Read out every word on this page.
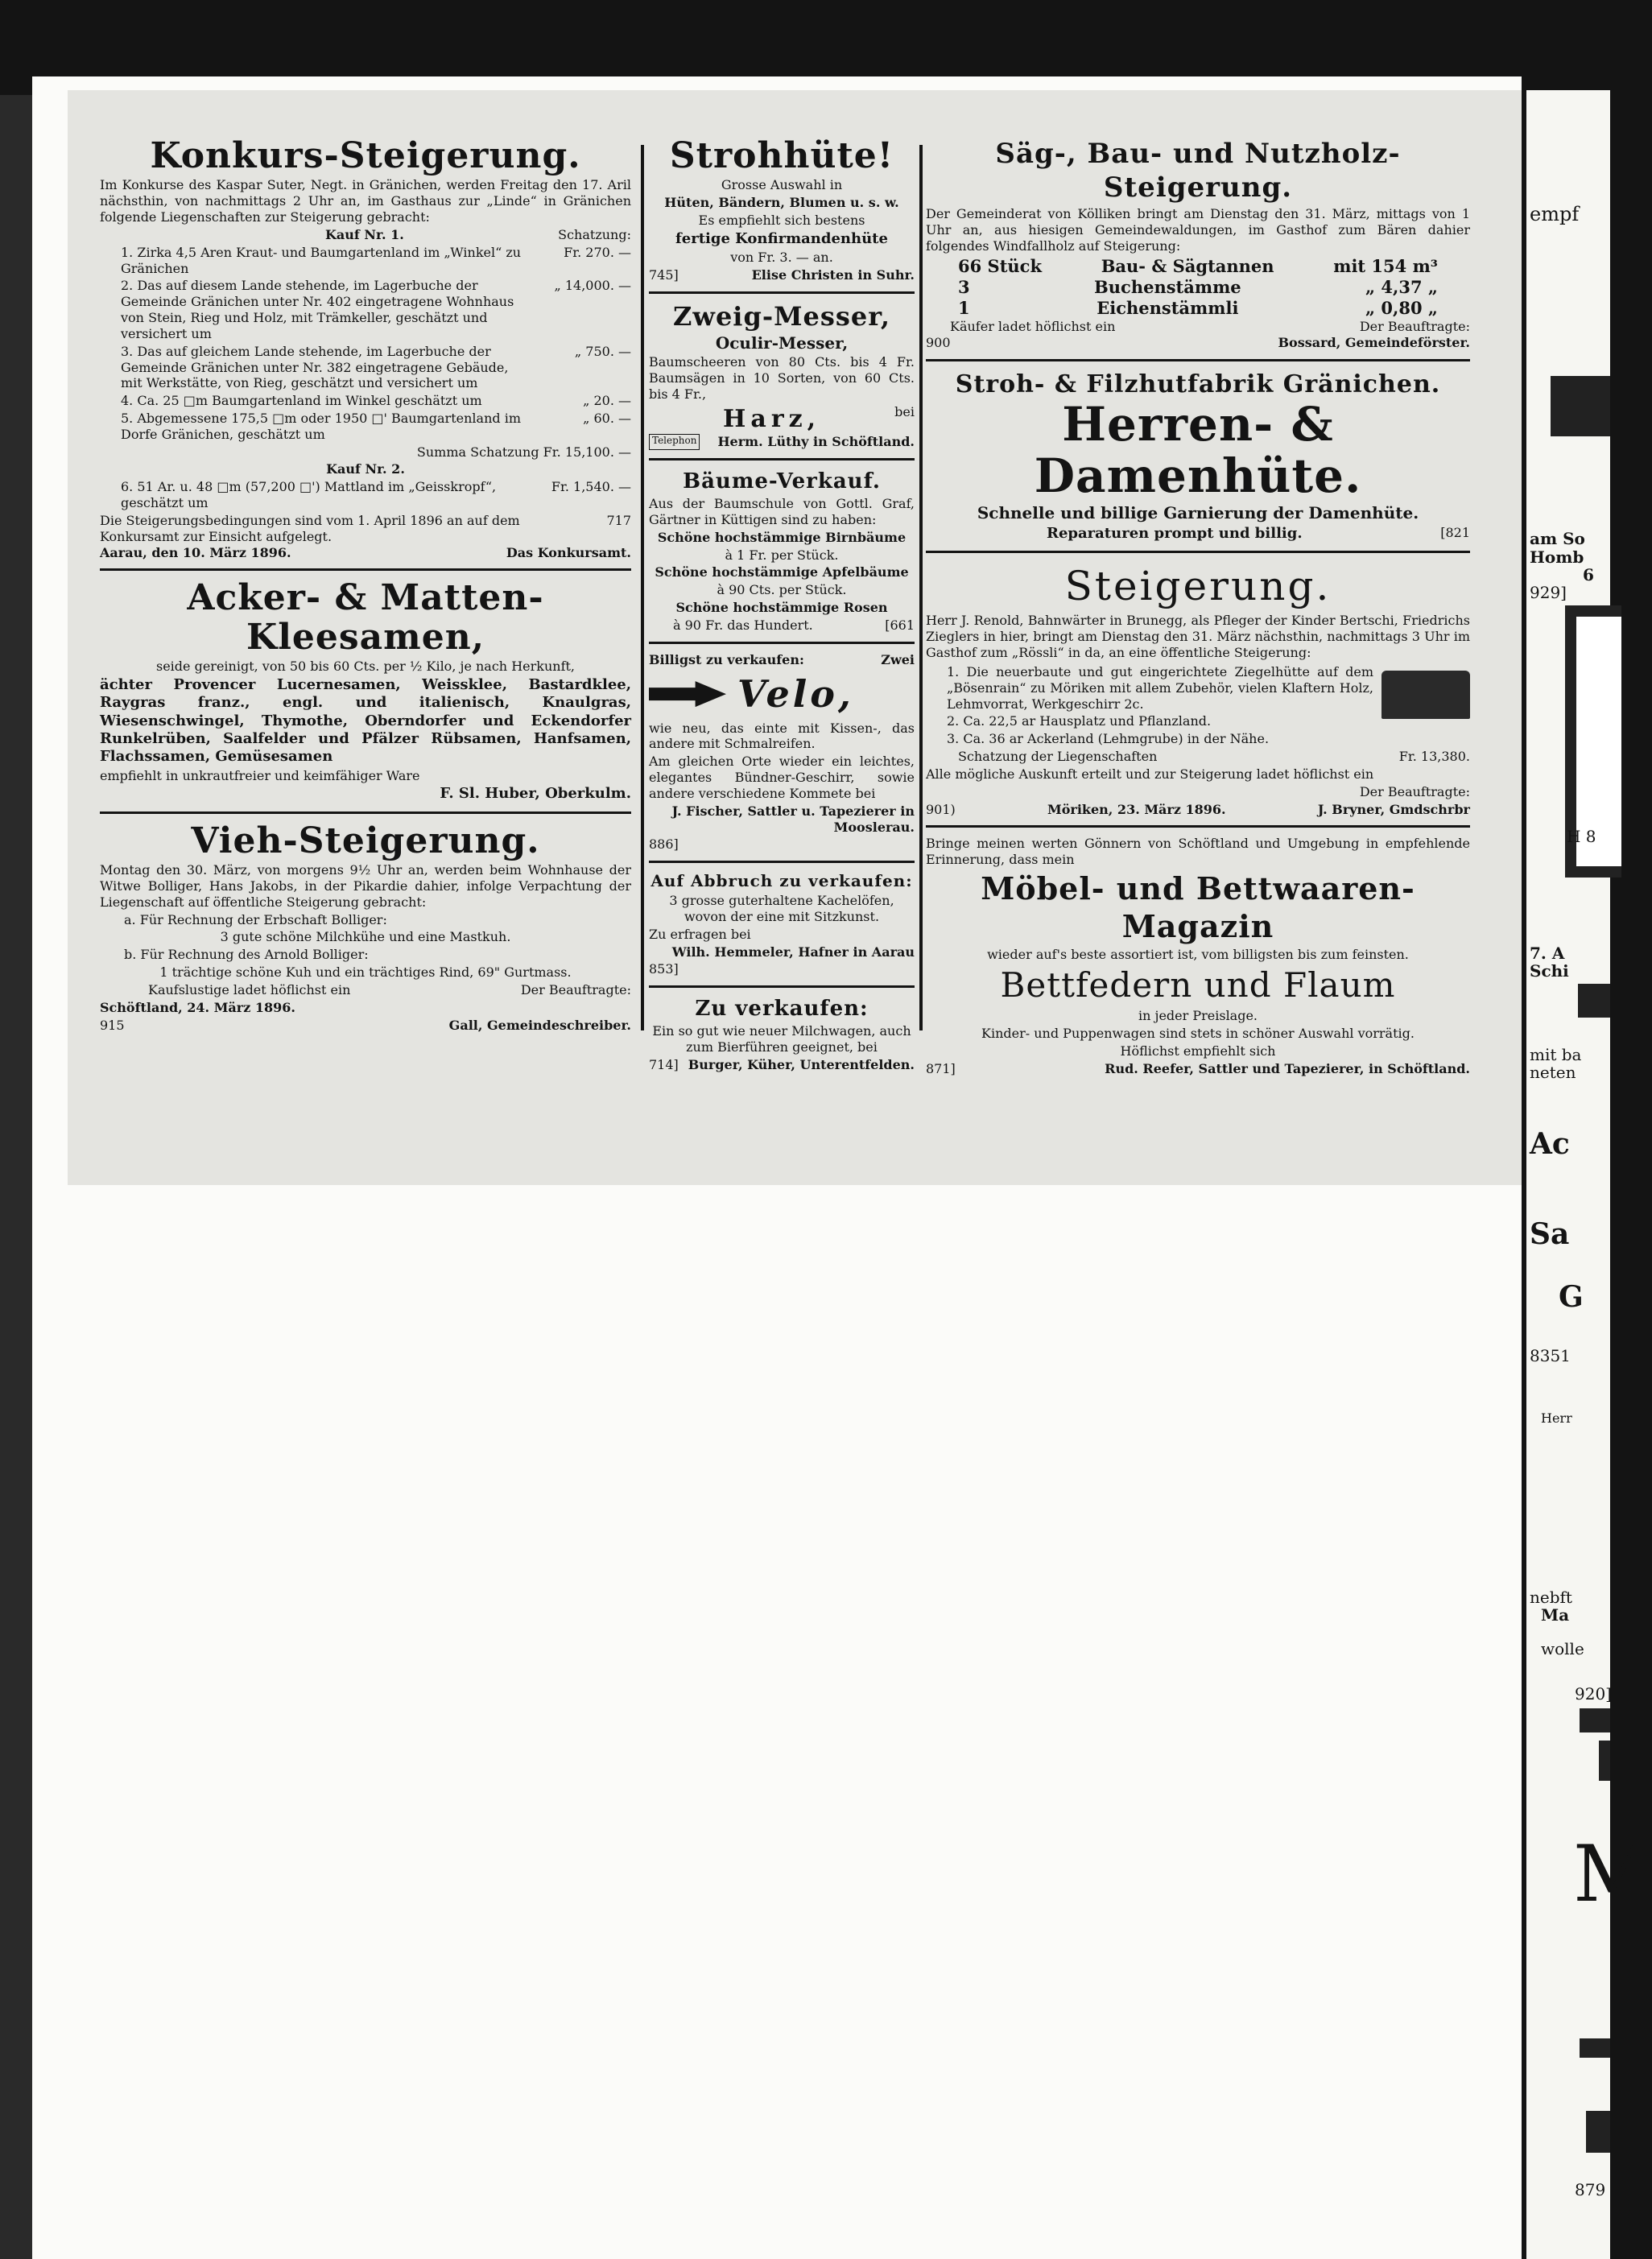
Konkurs-Steigerung.

Im Konkurse des Kaspar Suter, Negt. in Gränichen, werden Freitag den 17. Aril nächsthin, von nachmittags 2 Uhr an, im Gasthaus zur „Linde“ in Gränichen folgende Liegenschaften zur Steigerung gebracht:

Kauf Nr. 1.	Schatzung:
1. Zirka 4,5 Aren Kraut- und Baumgartenland im „Winkel“ zu Gränichen
Fr. 270. —
2. Das auf diesem Lande stehende, im Lagerbuche der Gemeinde Gränichen unter Nr. 402 eingetragene Wohnhaus von Stein, Rieg und Holz, mit Trämkeller, geschätzt und versichert um
„ 14,000. —
3. Das auf gleichem Lande stehende, im Lagerbuche der Gemeinde Gränichen unter Nr. 382 eingetragene Gebäude, mit Werkstätte, von Rieg, geschätzt und versichert um
„ 750. —
4. Ca. 25 □m Baumgartenland im Winkel geschätzt um	„ 20. —
5. Abgemessene 175,5 □m oder 1950 □' Baumgartenland im Dorfe Gränichen, geschätzt um
„ 60. —

Summa Schatzung Fr. 15,100. —

Kauf Nr. 2.

6. 51 Ar. u. 48 □m (57,200 □') Mattland im „Geisskropf“, geschätzt um
Fr. 1,540. —
Die Steigerungsbedingungen sind vom 1. April 1896 an auf dem Konkursamt zur Einsicht aufgelegt.
717
Aarau, den 10. März 1896.	Das Konkursamt.
Acker- & Matten-Kleesamen,

seide gereinigt, von 50 bis 60 Cts. per ½ Kilo, je nach Herkunft,

ächter Provencer Lucernesamen, Weissklee, Bastardklee, Raygras franz., engl. und italienisch, Knaulgras, Wiesenschwingel, Thymothe, Oberndorfer und Eckendorfer Runkelrüben, Saalfelder und Pfälzer Rübsamen, Hanfsamen, Flachssamen, Gemüsesamen

empfiehlt in unkrautfreier und keimfähiger Ware

F. Sl. Huber, Oberkulm.

Vieh-Steigerung.

Montag den 30. März, von morgens 9½ Uhr an, werden beim Wohnhause der Witwe Bolliger, Hans Jakobs, in der Pikardie dahier, infolge Verpachtung der Liegenschaft auf öffentliche Steigerung gebracht:

a. Für Rechnung der Erbschaft Bolliger:

3 gute schöne Milchkühe und eine Mastkuh.

b. Für Rechnung des Arnold Bolliger:

1 trächtige schöne Kuh und ein trächtiges Rind, 69" Gurtmass.

Kaufslustige ladet höflichst ein	Der Beauftragte:

Schöftland, 24. März 1896.

915	Gall, Gemeindeschreiber.
Strohhüte!

Grosse Auswahl in

Hüten, Bändern, Blumen u. s. w.

Es empfiehlt sich bestens

fertige Konfirmandenhüte

von Fr. 3. — an.

745]	Elise Christen in Suhr.
Zweig-Messer,

Oculir-Messer,

Baumscheeren von 80 Cts. bis 4 Fr. Baumsägen in 10 Sorten, von 60 Cts. bis 4 Fr.,

Harz,	bei
Telephon Herm. Lüthy in Schöftland.
Bäume-Verkauf.

Aus der Baumschule von Gottl. Graf, Gärtner in Küttigen sind zu haben:

Schöne hochstämmige Birnbäume

à 1 Fr. per Stück.

Schöne hochstämmige Apfelbäume

à 90 Cts. per Stück.

Schöne hochstämmige Rosen

à 90 Fr. das Hundert.	[661
Billigst zu verkaufen:	Zwei
Velo,

wie neu, das einte mit Kissen-, das andere mit Schmalreifen.

Am gleichen Orte wieder ein leichtes, elegantes Bündner-Geschirr, sowie andere verschiedene Kommete bei

J. Fischer, Sattler u. Tapezierer in Mooslerau.

886]

Auf Abbruch zu verkaufen:

3 grosse guterhaltene Kachelöfen, wovon der eine mit Sitzkunst.

Zu erfragen bei

Wilh. Hemmeler, Hafner in Aarau

853]

Zu verkaufen:

Ein so gut wie neuer Milchwagen, auch zum Bierführen geeignet, bei

714] Burger, Küher, Unterentfelden.
Säg-, Bau- und Nutzholz-Steigerung.

Der Gemeinderat von Kölliken bringt am Dienstag den 31. März, mittags von 1 Uhr an, aus hiesigen Gemeindewaldungen, im Gasthof zum Bären dahier folgendes Windfallholz auf Steigerung:

66 Stück	Bau- & Sägtannen	mit 154 m³
3	Buchenstämme	„ 4,37 „
1	Eichenstämmli	„ 0,80 „
Käufer ladet höflichst ein	Der Beauftragte:
900	Bossard, Gemeindeförster.
Stroh- & Filzhutfabrik Gränichen.
Herren- & Damenhüte.

Schnelle und billige Garnierung der Damenhüte.

Reparaturen prompt und billig.	[821
Steigerung.

Herr J. Renold, Bahnwärter in Brunegg, als Pfleger der Kinder Bertschi, Friedrichs Zieglers in hier, bringt am Dienstag den 31. März nächsthin, nachmittags 3 Uhr im Gasthof zum „Rössli“ in da, an eine öffentliche Steigerung:

1. Die neuerbaute und gut eingerichtete Ziegelhütte auf dem „Bösenrain“ zu Möriken mit allem Zubehör, vielen Klaftern Holz, Lehmvorrat, Werkgeschirr 2c.

2. Ca. 22,5 ar Hausplatz und Pflanzland.

3. Ca. 36 ar Ackerland (Lehmgrube) in der Nähe.

Schatzung der Liegenschaften	Fr. 13,380.

Alle mögliche Auskunft erteilt und zur Steigerung ladet höflichst ein

Der Beauftragte:

901)	Möriken, 23. März 1896.	J. Bryner, Gmdschrbr

Bringe meinen werten Gönnern von Schöftland und Umgebung in empfehlende Erinnerung, dass mein

Möbel- und Bettwaaren-Magazin

wieder auf's beste assortiert ist, vom billigsten bis zum feinsten.

Bettfedern und Flaum

in jeder Preislage.

Kinder- und Puppenwagen sind stets in schöner Auswahl vorrätig.

Höflichst empfiehlt sich

871]	Rud. Reefer, Sattler und Tapezierer, in Schöftland.
empf
am So
Homb
6
929]
H 8
7. A
Schi
mit ba
neten
Ac
Sa
G
8351
Herr
nebft
Ma
wolle
920]
M
879
